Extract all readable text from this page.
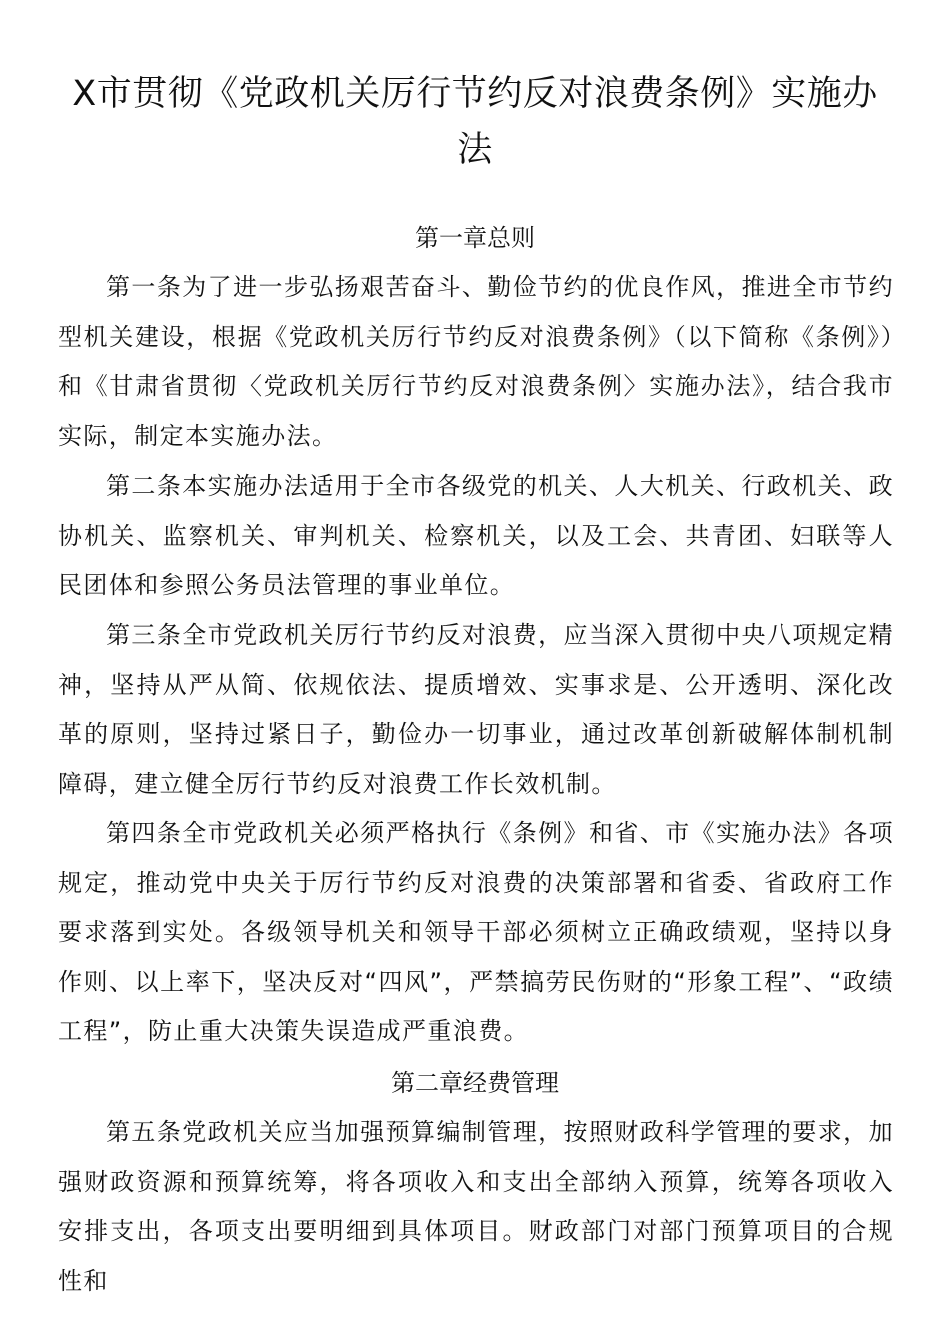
X市贯彻《党政机关厉行节约反对浪费条例》实施办法
第一章总则

第一条为了进一步弘扬艰苦奋斗、勤俭节约的优良作风，推进全市节约型机关建设，根据《党政机关厉行节约反对浪费条例》（以下简称《条例》）和《甘肃省贯彻〈党政机关厉行节约反对浪费条例〉实施办法》，结合我市实际，制定本实施办法。

第二条本实施办法适用于全市各级党的机关、人大机关、行政机关、政协机关、监察机关、审判机关、检察机关，以及工会、共青团、妇联等人民团体和参照公务员法管理的事业单位。

第三条全市党政机关厉行节约反对浪费，应当深入贯彻中央八项规定精神，坚持从严从简、依规依法、提质增效、实事求是、公开透明、深化改革的原则，坚持过紧日子，勤俭办一切事业，通过改革创新破解体制机制障碍，建立健全厉行节约反对浪费工作长效机制。

第四条全市党政机关必须严格执行《条例》和省、市《实施办法》各项规定，推动党中央关于厉行节约反对浪费的决策部署和省委、省政府工作要求落到实处。各级领导机关和领导干部必须树立正确政绩观，坚持以身作则、以上率下，坚决反对“四风”，严禁搞劳民伤财的“形象工程”、“政绩工程”，防止重大决策失误造成严重浪费。

第二章经费管理

第五条党政机关应当加强预算编制管理，按照财政科学管理的要求，加强财政资源和预算统筹，将各项收入和支出全部纳入预算，统筹各项收入安排支出，各项支出要明细到具体项目。财政部门对部门预算项目的合规性和
